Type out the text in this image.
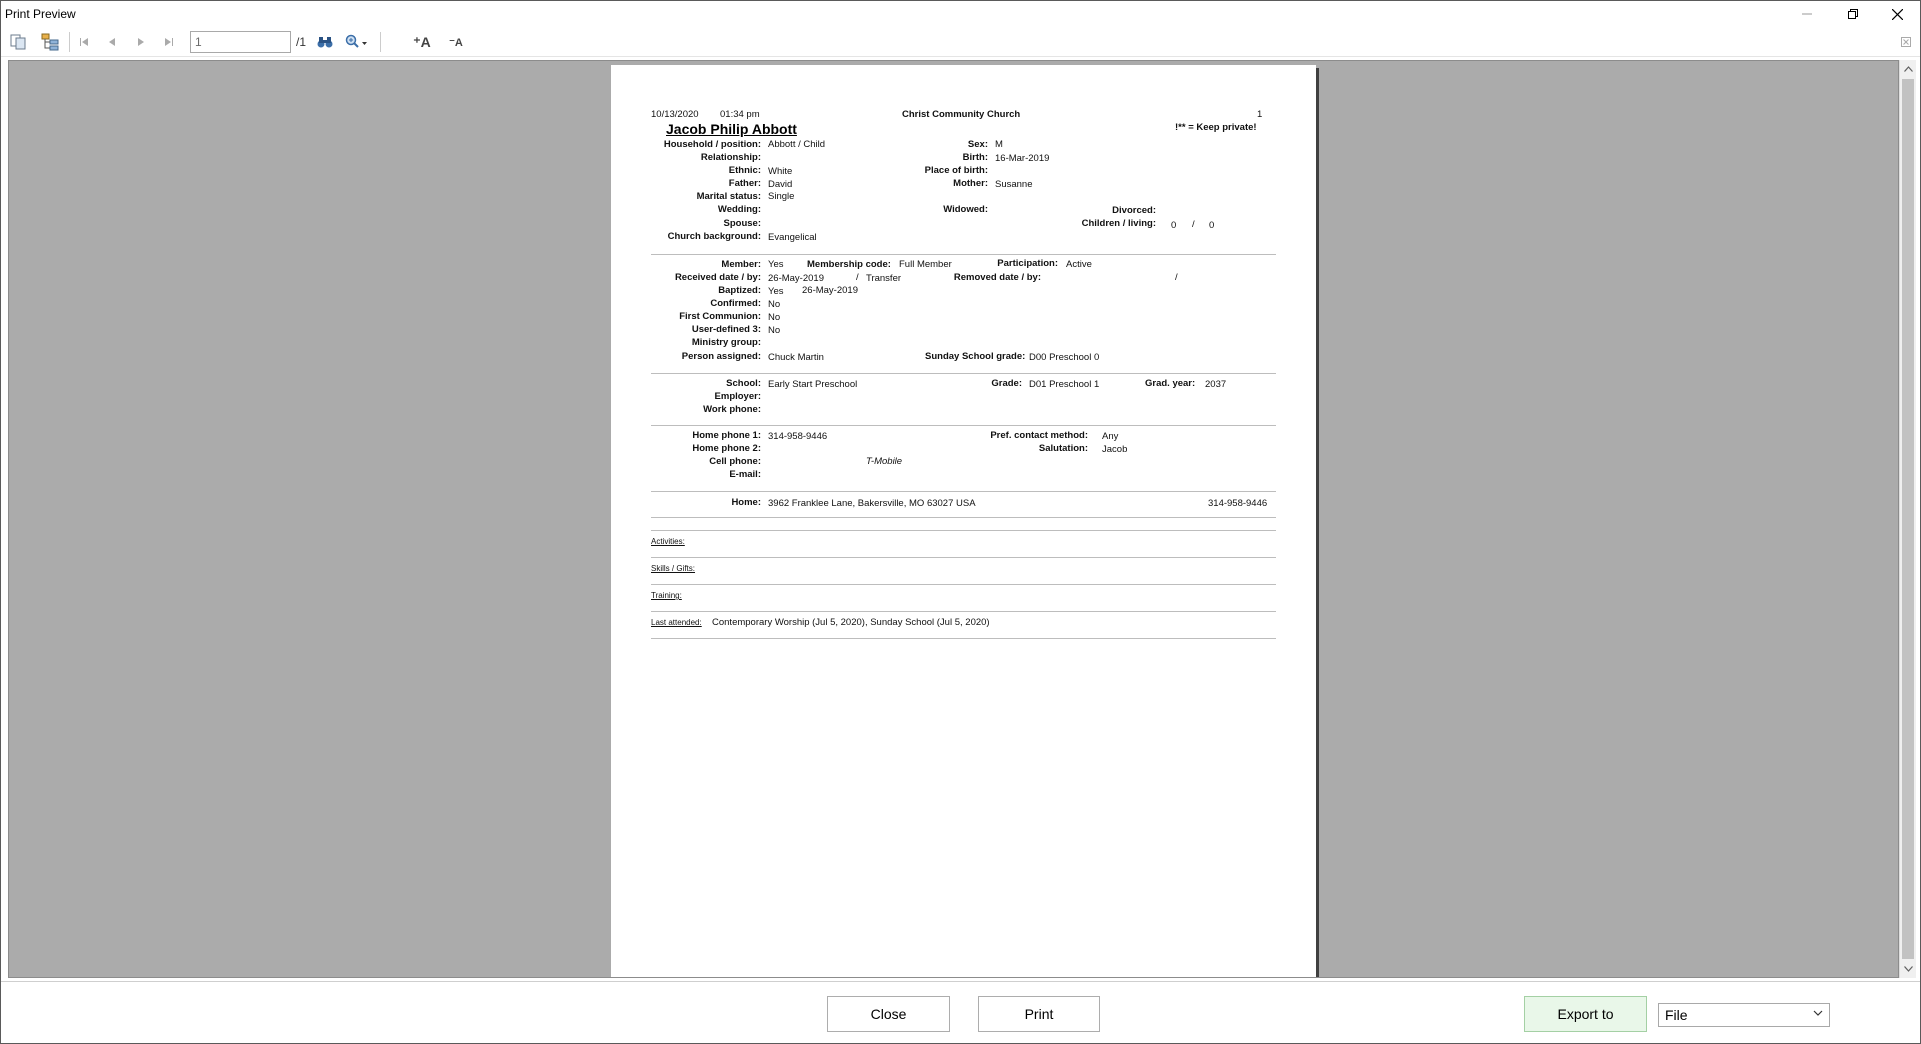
Print Preview
1
/1	⁺A	⁻A
10/13/2020 01:34 pm	Christ Community Church	1
!** = Keep private!
Jacob Philip Abbott
Household / position: Abbott / Child
Relationship:
Ethnic: White
Father: David
Marital status: Single
Wedding:
Spouse:
Church background: Evangelical
Sex: M
Birth: 16-Mar-2019
Place of birth:
Mother: Susanne
Widowed:	Divorced:
Children / living: 0 / 0
Member: Yes Membership code: Full Member	Participation: Active
Received date / by: 26-May-2019	/ Transfer	Removed date / by:	/
Baptized: Yes 26-May-2019
Confirmed: No
First Communion: No
User-defined 3: No
Ministry group:
Person assigned: Chuck Martin	Sunday School grade: D00 Preschool 0
School: Early Start Preschool	Grade: D01 Preschool 1	Grad. year: 2037
Employer:
Work phone:
Home phone 1: 314-958-9446
Home phone 2:
Cell phone:	T-Mobile
E-mail:
Pref. contact method: Any
Salutation: Jacob
Home: 3962 Franklee Lane, Bakersville, MO 63027 USA	314-958-9446
Activities:
Skills / Gifts:
Training:
Last attended: Contemporary Worship (Jul 5, 2020), Sunday School (Jul 5, 2020)
Close	Print	Export to	File
